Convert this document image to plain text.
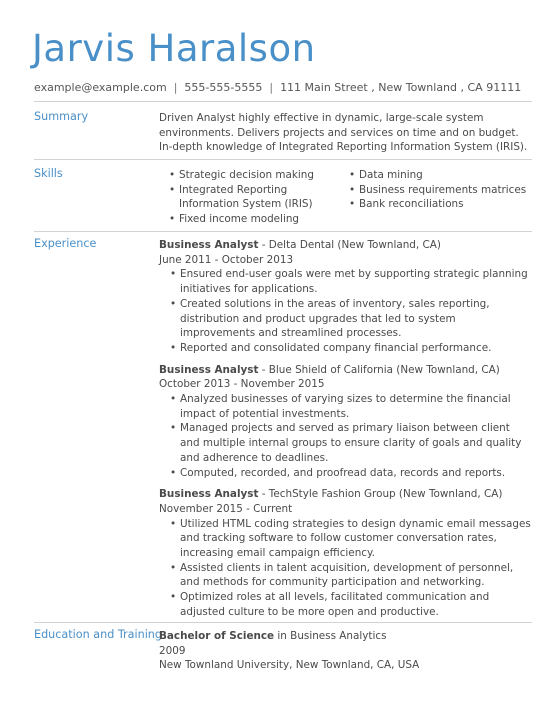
Jarvis Haralson
example@example.com | 555-555-5555 | 111 Main Street , New Townland , CA 91111
Summary	Driven Analyst highly effective in dynamic, large-scale system environments. Delivers projects and services on time and on budget. In-depth knowledge of Integrated Reporting Information System (IRIS).

Skills
•	Strategic decision making
• Integrated Reporting Information System (IRIS)
• Fixed income modeling
• Data mining
• Business requirements matrices
• Bank reconciliations
Experience	Business Analyst - Delta Dental (New Townland, CA)
June 2011 - October 2013
• Ensured end-user goals were met by supporting strategic planning initiatives for applications.
• Created solutions in the areas of inventory, sales reporting, distribution and product upgrades that led to system improvements and streamlined processes.
• Reported and consolidated company financial performance.
Business Analyst - Blue Shield of California (New Townland, CA)
October 2013 - November 2015
• Analyzed businesses of varying sizes to determine the financial impact of potential investments.
• Managed projects and served as primary liaison between client and multiple internal groups to ensure clarity of goals and quality and adherence to deadlines.
• Computed, recorded, and proofread data, records and reports.
Business Analyst - TechStyle Fashion Group (New Townland, CA)
November 2015 - Current
• Utilized HTML coding strategies to design dynamic email messages and tracking software to follow customer conversation rates, increasing email campaign efficiency.
• Assisted clients in talent acquisition, development of personnel, and methods for community participation and networking.
• Optimized roles at all levels, facilitated communication and adjusted culture to be more open and productive.
Education and Training
Bachelor of Science in Business Analytics
2009
New Townland University, New Townland, CA, USA
